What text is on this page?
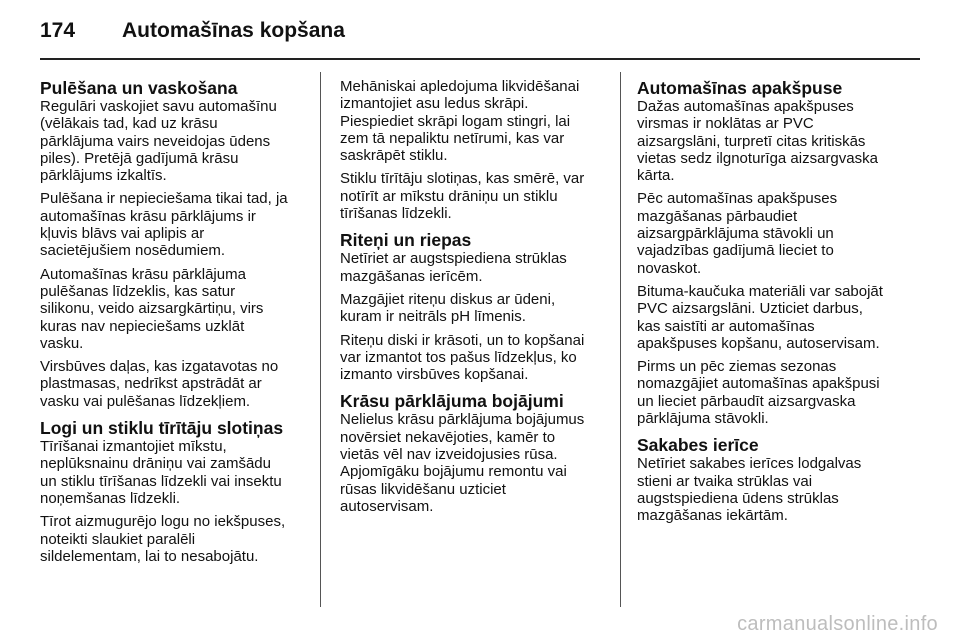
174 Automašīnas kopšana
Pulēšana un vaskošana

Regulāri vaskojiet savu automašīnu
(vēlākais tad, kad uz krāsu
pārklājuma vairs neveidojas ūdens
piles). Pretējā gadījumā krāsu
pārklājums izkaltīs.

Pulēšana ir nepieciešama tikai tad, ja
automašīnas krāsu pārklājums ir
kļuvis blāvs vai aplipis ar
sacietējušiem nosēdumiem.

Automašīnas krāsu pārklājuma
pulēšanas līdzeklis, kas satur
silikonu, veido aizsargkārtiņu, virs
kuras nav nepieciešams uzklāt
vasku.

Virsbūves daļas, kas izgatavotas no
plastmasas, nedrīkst apstrādāt ar
vasku vai pulēšanas līdzekļiem.

Logi un stiklu tīrītāju slotiņas

Tīrīšanai izmantojiet mīkstu,
neplūksnainu drāniņu vai zamšādu
un stiklu tīrīšanas līdzekli vai insektu
noņemšanas līdzekli.

Tīrot aizmugurējo logu no iekšpuses,
noteikti slaukiet paralēli
sildelementam, lai to nesabojātu.

Mehāniskai apledojuma likvidēšanai
izmantojiet asu ledus skrāpi.
Piespiediet skrāpi logam stingri, lai
zem tā nepaliktu netīrumi, kas var
saskrāpēt stiklu.

Stiklu tīrītāju slotiņas, kas smērē, var
notīrīt ar mīkstu drāniņu un stiklu
tīrīšanas līdzekli.

Riteņi un riepas

Netīriet ar augstspiediena strūklas
mazgāšanas ierīcēm.

Mazgājiet riteņu diskus ar ūdeni,
kuram ir neitrāls pH līmenis.

Riteņu diski ir krāsoti, un to kopšanai
var izmantot tos pašus līdzekļus, ko
izmanto virsbūves kopšanai.

Krāsu pārklājuma bojājumi

Nelielus krāsu pārklājuma bojājumus
novērsiet nekavējoties, kamēr to
vietās vēl nav izveidojusies rūsa.
Apjomīgāku bojājumu remontu vai
rūsas likvidēšanu uzticiet
autoservisam.

Automašīnas apakšpuse

Dažas automašīnas apakšpuses
virsmas ir noklātas ar PVC
aizsargslāni, turpretī citas kritiskās
vietas sedz ilgnoturīga aizsargvaska
kārta.

Pēc automašīnas apakšpuses
mazgāšanas pārbaudiet
aizsargpārklājuma stāvokli un
vajadzības gadījumā lieciet to
novaskot.

Bituma-kaučuka materiāli var sabojāt
PVC aizsargslāni. Uzticiet darbus,
kas saistīti ar automašīnas
apakšpuses kopšanu, autoservisam.

Pirms un pēc ziemas sezonas
nomazgājiet automašīnas apakšpusi
un lieciet pārbaudīt aizsargvaska
pārklājuma stāvokli.

Sakabes ierīce

Netīriet sakabes ierīces lodgalvas
stieni ar tvaika strūklas vai
augstspiediena ūdens strūklas
mazgāšanas iekārtām.

carmanualsonline.info
